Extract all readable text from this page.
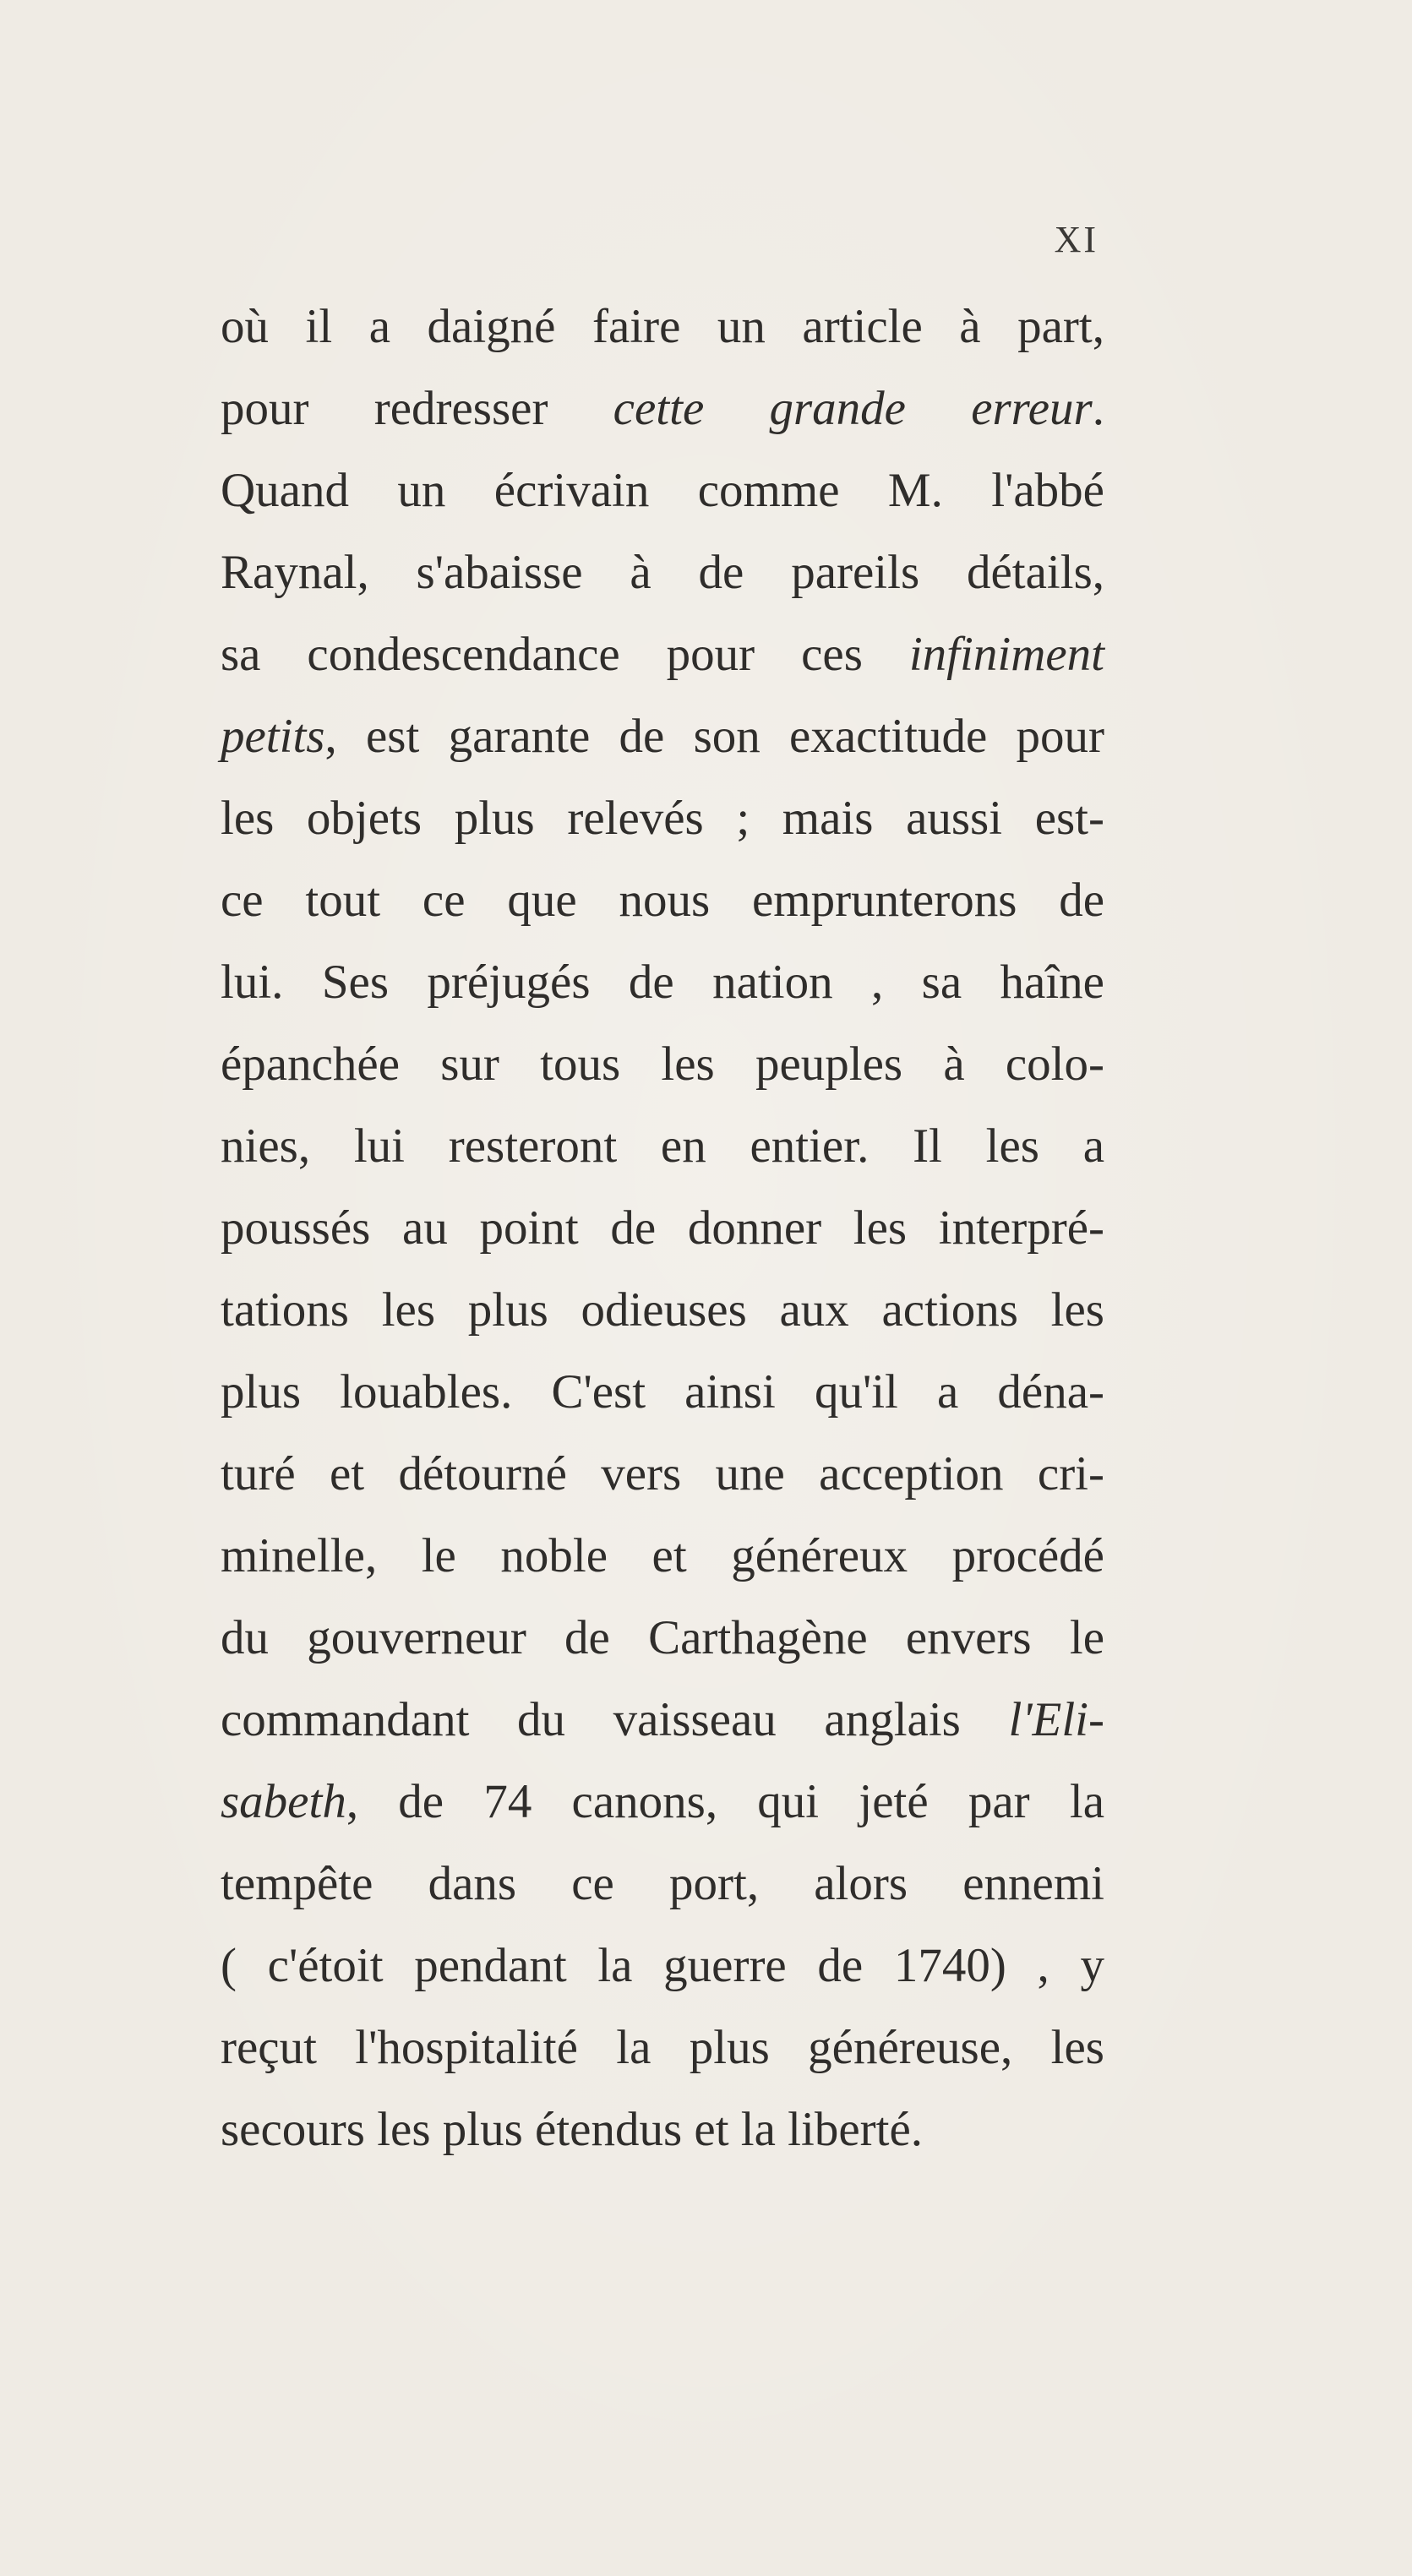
XI
où il a daigné faire un article à part,
pour redresser cette grande erreur.
Quand un écrivain comme M. l'abbé
Raynal, s'abaisse à de pareils détails,
sa condescendance pour ces infiniment
petits, est garante de son exactitude pour
les objets plus relevés ; mais aussi est-
ce tout ce que nous emprunterons de
lui. Ses préjugés de nation , sa haîne
épanchée sur tous les peuples à colo-
nies, lui resteront en entier. Il les a
poussés au point de donner les interpré-
tations les plus odieuses aux actions les
plus louables. C'est ainsi qu'il a déna-
turé et détourné vers une acception cri-
minelle, le noble et généreux procédé
du gouverneur de Carthagène envers le
commandant du vaisseau anglais l'Eli-
sabeth, de 74 canons, qui jeté par la
tempête dans ce port, alors ennemi
( c'étoit pendant la guerre de 1740) , y
reçut l'hospitalité la plus généreuse, les
secours les plus étendus et la liberté.
